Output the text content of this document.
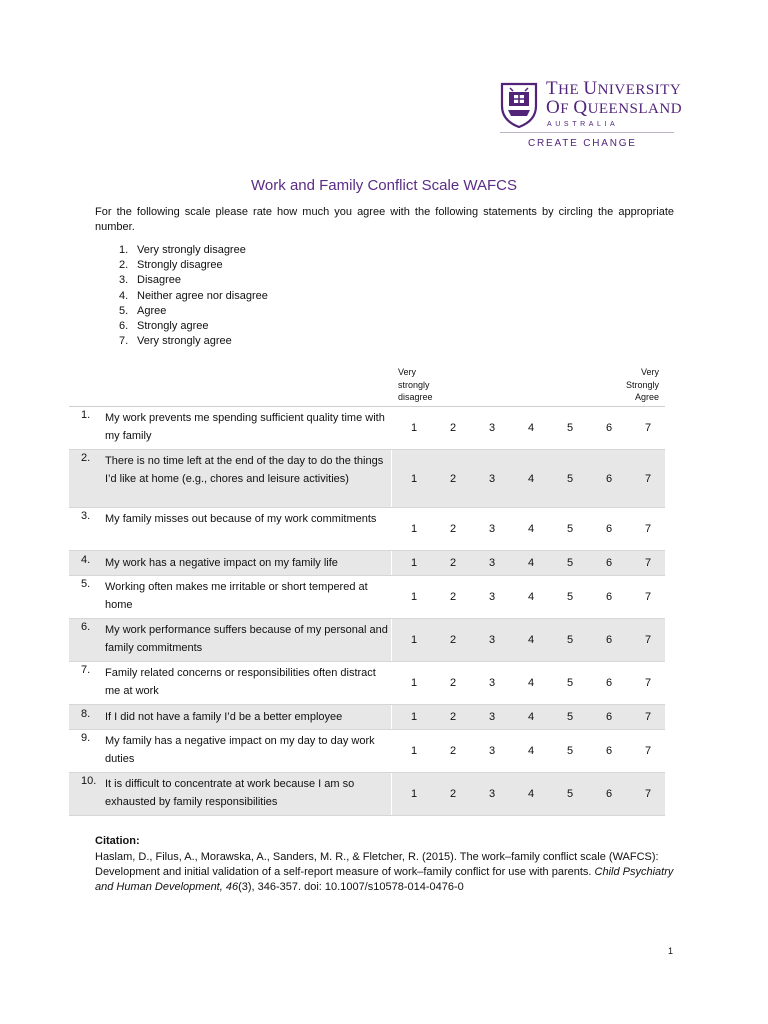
THE UNIVERSITY
OF QUEENSLAND
AUSTRALIA
CREATE CHANGE
Work and Family Conflict Scale WAFCS
For the following scale please rate how much you agree with the following statements by circling the appropriate number.
1. Very strongly disagree
2. Strongly disagree
3. Disagree
4. Neither agree nor disagree
5. Agree
6. Strongly agree
7. Very strongly agree
Very
strongly
disagree
Very
Strongly
Agree
1.	My work prevents me spending sufficient quality time with my family
1	2	3	4	5	6	7
2.	There is no time left at the end of the day to do the things I’d like at home (e.g., chores and leisure activities)	1	2	3	4	5	6	7
3.	My family misses out because of my work commitments
1	2	3	4	5	6	7
4.	My work has a negative impact on my family life	1	2	3	4	5	6	7
5.	Working often makes me irritable or short tempered at home
1	2	3	4	5	6	7
6.	My work performance suffers because of my personal and family commitments
1	2	3	4	5	6	7
7.	Family related concerns or responsibilities often distract me at work
1	2	3	4	5	6	7
8.	If I did not have a family I’d be a better employee	1	2	3	4	5	6	7
9.	My family has a negative impact on my day to day work duties
1	2	3	4	5	6	7
10. It is difficult to concentrate at work because I am so exhausted by family responsibilities
1	2	3	4	5	6	7
Citation:
Haslam, D., Filus, A., Morawska, A., Sanders, M. R., & Fletcher, R. (2015). The work–family conflict scale (WAFCS): Development and initial validation of a self-report measure of work–family conflict for use with parents. Child Psychiatry and Human Development, 46(3), 346-357. doi: 10.1007/s10578-014-0476-0
1
